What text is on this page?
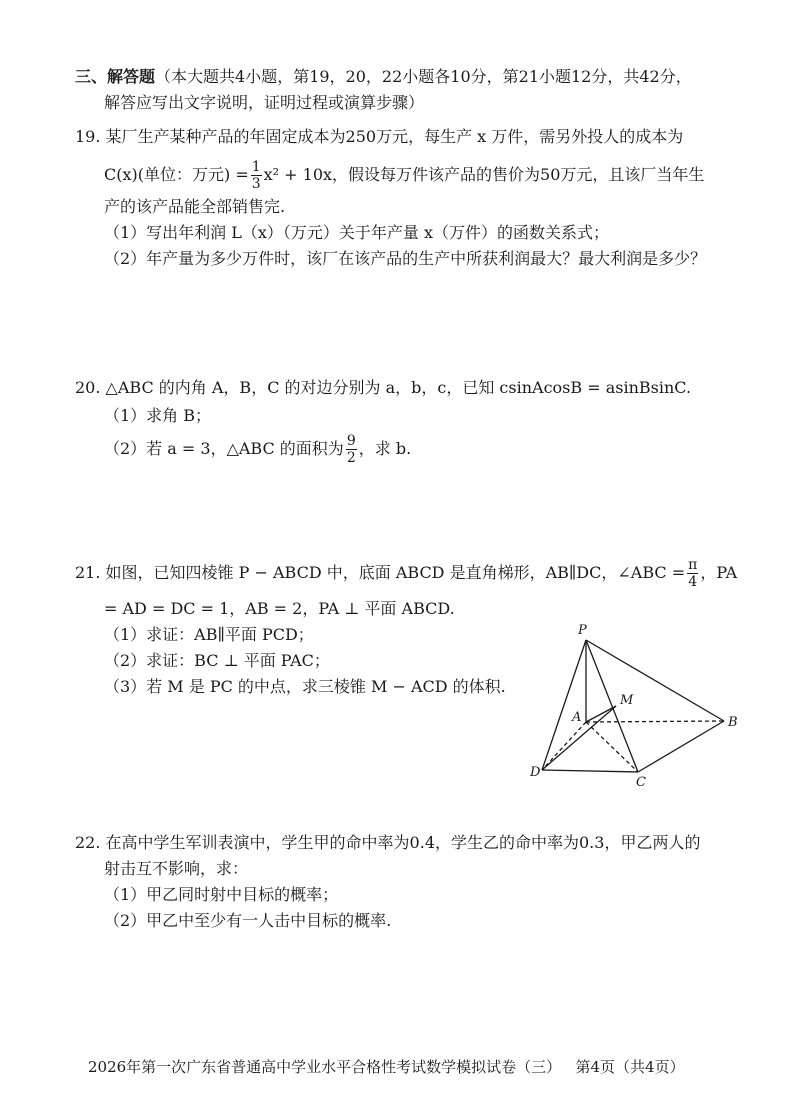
三、解答题（本大题共4小题，第19，20，22小题各10分，第21小题12分，共42分，
解答应写出文字说明，证明过程或演算步骤）
19. 某厂生产某种产品的年固定成本为250万元，每生产 x 万件，需另外投人的成本为
C(x)(单位：万元) = $\frac{1}{3} x^2 + 10x$，假设每万件该产品的售价为50万元，且该厂当年生
产的该产品能全部销售完.
（1）写出年利润 L（x）（万元）关于年产量 x（万件）的函数关系式；
（2）年产量为多少万件时，该厂在该产品的生产中所获利润最大？最大利润是多少？
20. △ABC 的内角 A，B，C 的对边分别为 a，b，c，已知 csinAcosB = asinBsinC.
（1）求角 B；
（2）若 a = 3，△ABC 的面积为 $\frac{9}{2}$ ，求 b.
21. 如图，已知四棱锥 P − ABCD 中，底面 ABCD 是直角梯形，AB∥DC，∠ABC = $\frac{\pi}{4}$ ，PA
= AD = DC = 1，AB = 2，PA ⊥ 平面 ABCD.
（1）求证：AB∥平面 PCD；
（2）求证：BC ⊥ 平面 PAC；
（3）若 M 是 PC 的中点，求三棱锥 M − ACD 的体积.
P
A
M
B
C
D
22. 在高中学生军训表演中，学生甲的命中率为0.4，学生乙的命中率为0.3，甲乙两人的
射击互不影响，求：
（1）甲乙同时射中目标的概率；
（2）甲乙中至少有一人击中目标的概率.
2026年第一次广东省普通高中学业水平合格性考试数学模拟试卷（三） 第4页（共4页）
